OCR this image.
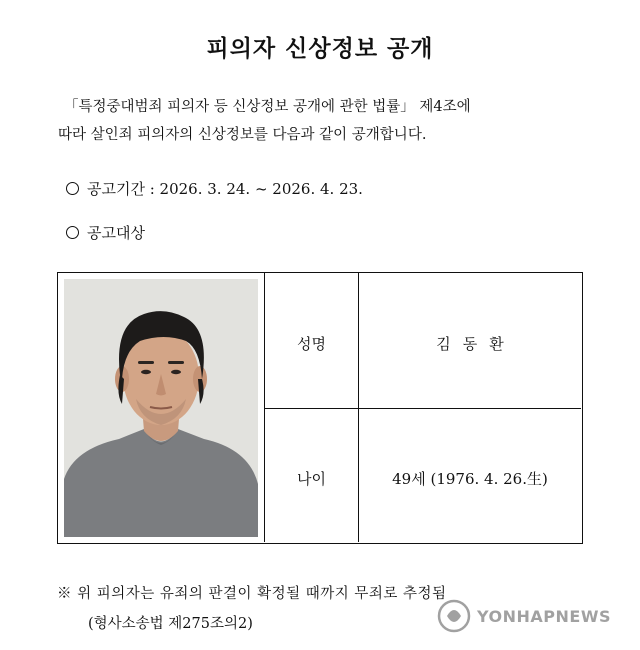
피의자 신상정보 공개
「특정중대범죄 피의자 등 신상정보 공개에 관한 법률」 제4조에
따라 살인죄 피의자의 신상정보를 다음과 같이 공개합니다.
공고기간 : 2026. 3. 24. ~ 2026. 4. 23.
공고대상
성명	김동환
나이	49세 (1976. 4. 26.生)
※ 위 피의자는 유죄의 판결이 확정될 때까지 무죄로 추정됨
(형사소송법 제275조의2)	YONHAPNEWS
